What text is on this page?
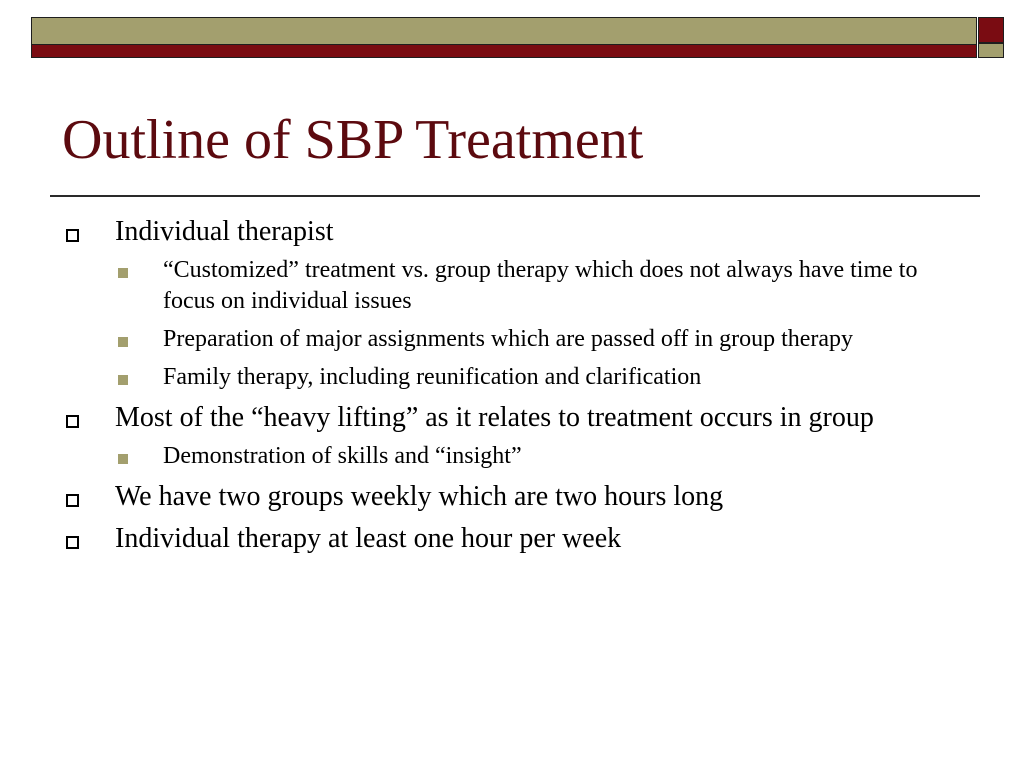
Outline of SBP Treatment
Individual therapist
“Customized” treatment vs. group therapy which does not always have time to focus on individual issues
Preparation of major assignments which are passed off in group therapy
Family therapy, including reunification and clarification
Most of the “heavy lifting” as it relates to treatment occurs in group
Demonstration of skills and “insight”
We have two groups weekly which are two hours long
Individual therapy at least one hour per week
